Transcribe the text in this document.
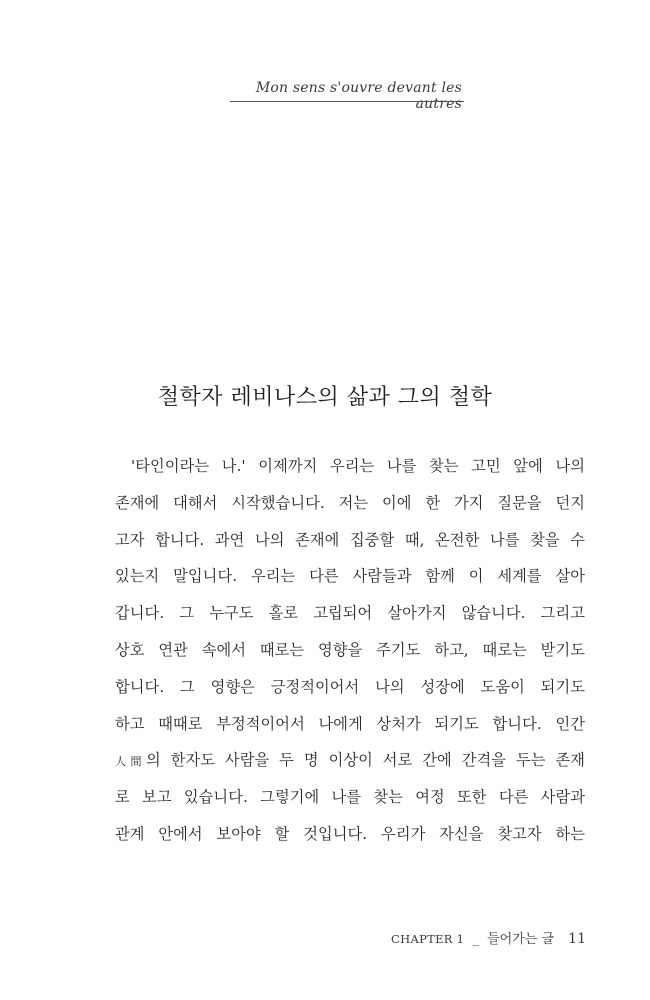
Mon sens s'ouvre devant les autres
철학자 레비나스의 삶과 그의 철학
'타인이라는 나.' 이제까지 우리는 나를 찾는 고민 앞에 나의
존재에 대해서 시작했습니다. 저는 이에 한 가지 질문을 던지
고자 합니다. 과연 나의 존재에 집중할 때, 온전한 나를 찾을 수
있는지 말입니다. 우리는 다른 사람들과 함께 이 세계를 살아
갑니다. 그 누구도 홀로 고립되어 살아가지 않습니다. 그리고
상호 연관 속에서 때로는 영향을 주기도 하고, 때로는 받기도
합니다. 그 영향은 긍정적이어서 나의 성장에 도움이 되기도
하고 때때로 부정적이어서 나에게 상처가 되기도 합니다. 인간
人間의 한자도 사람을 두 명 이상이 서로 간에 간격을 두는 존재
로 보고 있습니다. 그렇기에 나를 찾는 여정 또한 다른 사람과
관계 안에서 보아야 할 것입니다. 우리가 자신을 찾고자 하는
CHAPTER 1 _ 들어가는 글 11
